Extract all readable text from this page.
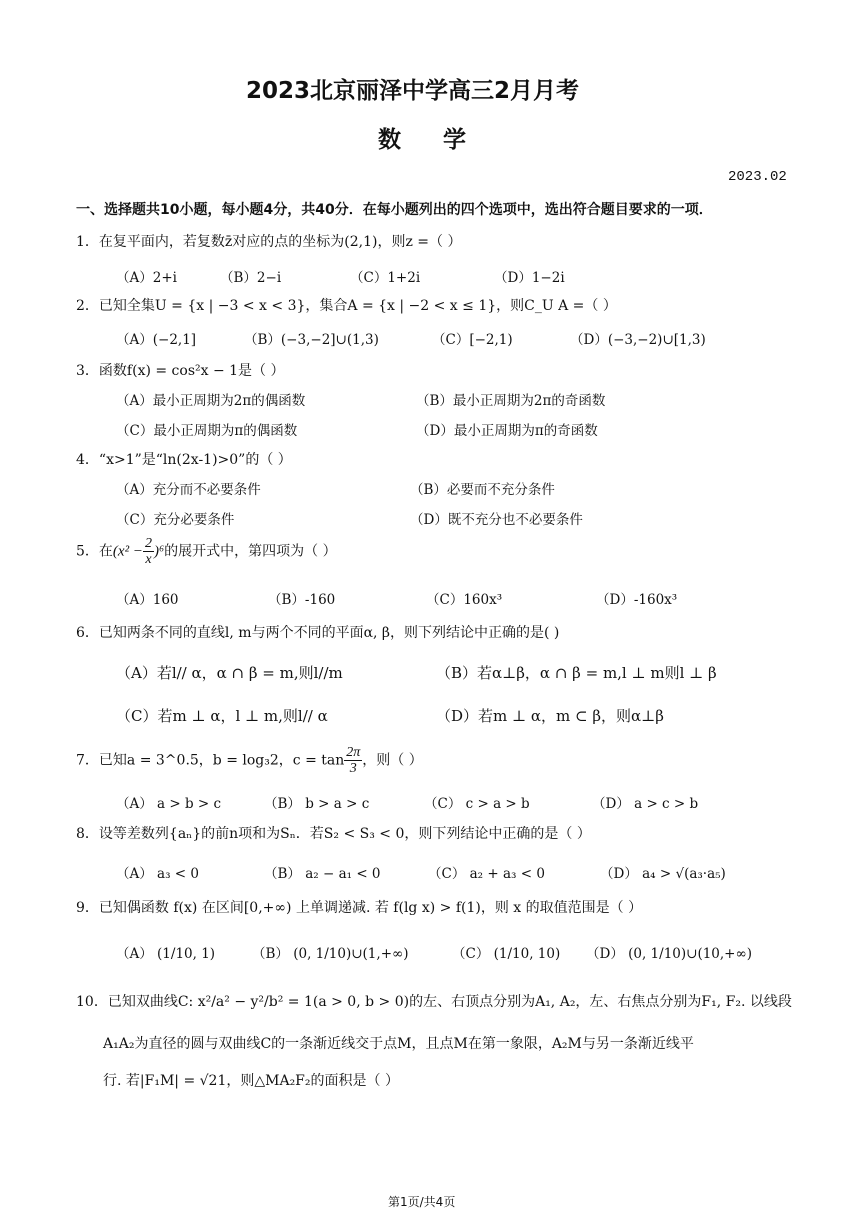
2023北京丽泽中学高三2月月考
数    学
2023.02
一、选择题共10小题，每小题4分，共40分．在每小题列出的四个选项中，选出符合题目要求的一项．
1．在复平面内，若复数z̄对应的点的坐标为(2,1)，则z =（ ）
（A）2+i	（B）2−i	（C）1+2i	（D）1−2i
2．已知全集U = {x | −3 < x < 3}，集合A = {x | −2 < x ≤ 1}，则C_U A =（ ）
（A）(−2,1]	（B）(−3,−2]∪(1,3)	（C）[−2,1)	（D）(−3,−2)∪[1,3)
3．函数f(x) = cos²x − 1是（ ）
（A）最小正周期为2π的偶函数	（B）最小正周期为2π的奇函数
（C）最小正周期为π的偶函数	（D）最小正周期为π的奇函数
4．“x>1”是“ln(2x-1)>0”的（ ）
（A）充分而不必要条件	（B）必要而不充分条件
（C）充分必要条件	（D）既不充分也不必要条件
5．在$(x^2 - \frac{2}{x} )^6$的展开式中，第四项为（ ）
（A）160	（B）-160	（C）160x³	（D）-160x³
6．已知两条不同的直线l, m与两个不同的平面α, β，则下列结论中正确的是( )
（A）若l// α，α ∩ β = m,则l//m	（B）若α⊥β，α ∩ β = m,l ⊥ m则l ⊥ β
（C）若m ⊥ α，l ⊥ m,则l// α	（D）若m ⊥ α，m ⊂ β，则α⊥β
7．已知a = 3^0.5，b = log₃2，$c = \tan \frac{2\pi}{3}$ ，则（ ）
（A） a > b > c	（B） b > a > c	（C） c > a > b	（D） a > c > b
8．设等差数列{aₙ}的前n项和为Sₙ．若S₂ < S₃ < 0，则下列结论中正确的是（ ）
（A） a₃ < 0	（B） a₂ − a₁ < 0	（C） a₂ + a₃ < 0	（D） a₄ > √(a₃·a₅)
9．已知偶函数 f(x) 在区间[0,+∞) 上单调递减. 若 f(lg x) > f(1)，则 x 的取值范围是（ ）
（A） (1/10, 1)	（B） (0, 1/10)∪(1,+∞)	（C） (1/10, 10) （D） (0, 1/10)∪(10,+∞)
10．已知双曲线C: x²/a² − y²/b² = 1(a > 0, b > 0)的左、右顶点分别为A₁, A₂，左、右焦点分别为F₁, F₂. 以线段
A₁A₂为直径的圆与双曲线C的一条渐近线交于点M，且点M在第一象限，A₂M与另一条渐近线平
行. 若|F₁M| = √21，则△MA₂F₂的面积是（ ）
第1页/共4页
